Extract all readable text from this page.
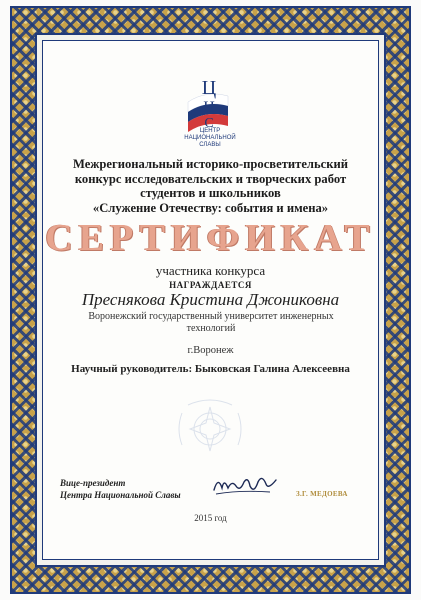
Ц
Н
С
ЦЕНТР
НАЦИОНАЛЬНОЙ
СЛАВЫ
Межрегиональный историко-просветительский
конкурс исследовательских и творческих работ
студентов и школьников
«Служение Отечеству: события и имена»
СЕРТИФИКАТ
участника конкурса
НАГРАЖДАЕТСЯ
Преснякова Кристина Джониковна
Воронежский государственный университет инженерных технологий
г.Воронеж
Научный руководитель: Быковская Галина Алексеевна
Вице-президент
Центра Национальной Славы	З.Г. МЕДОЕВА
2015 год
